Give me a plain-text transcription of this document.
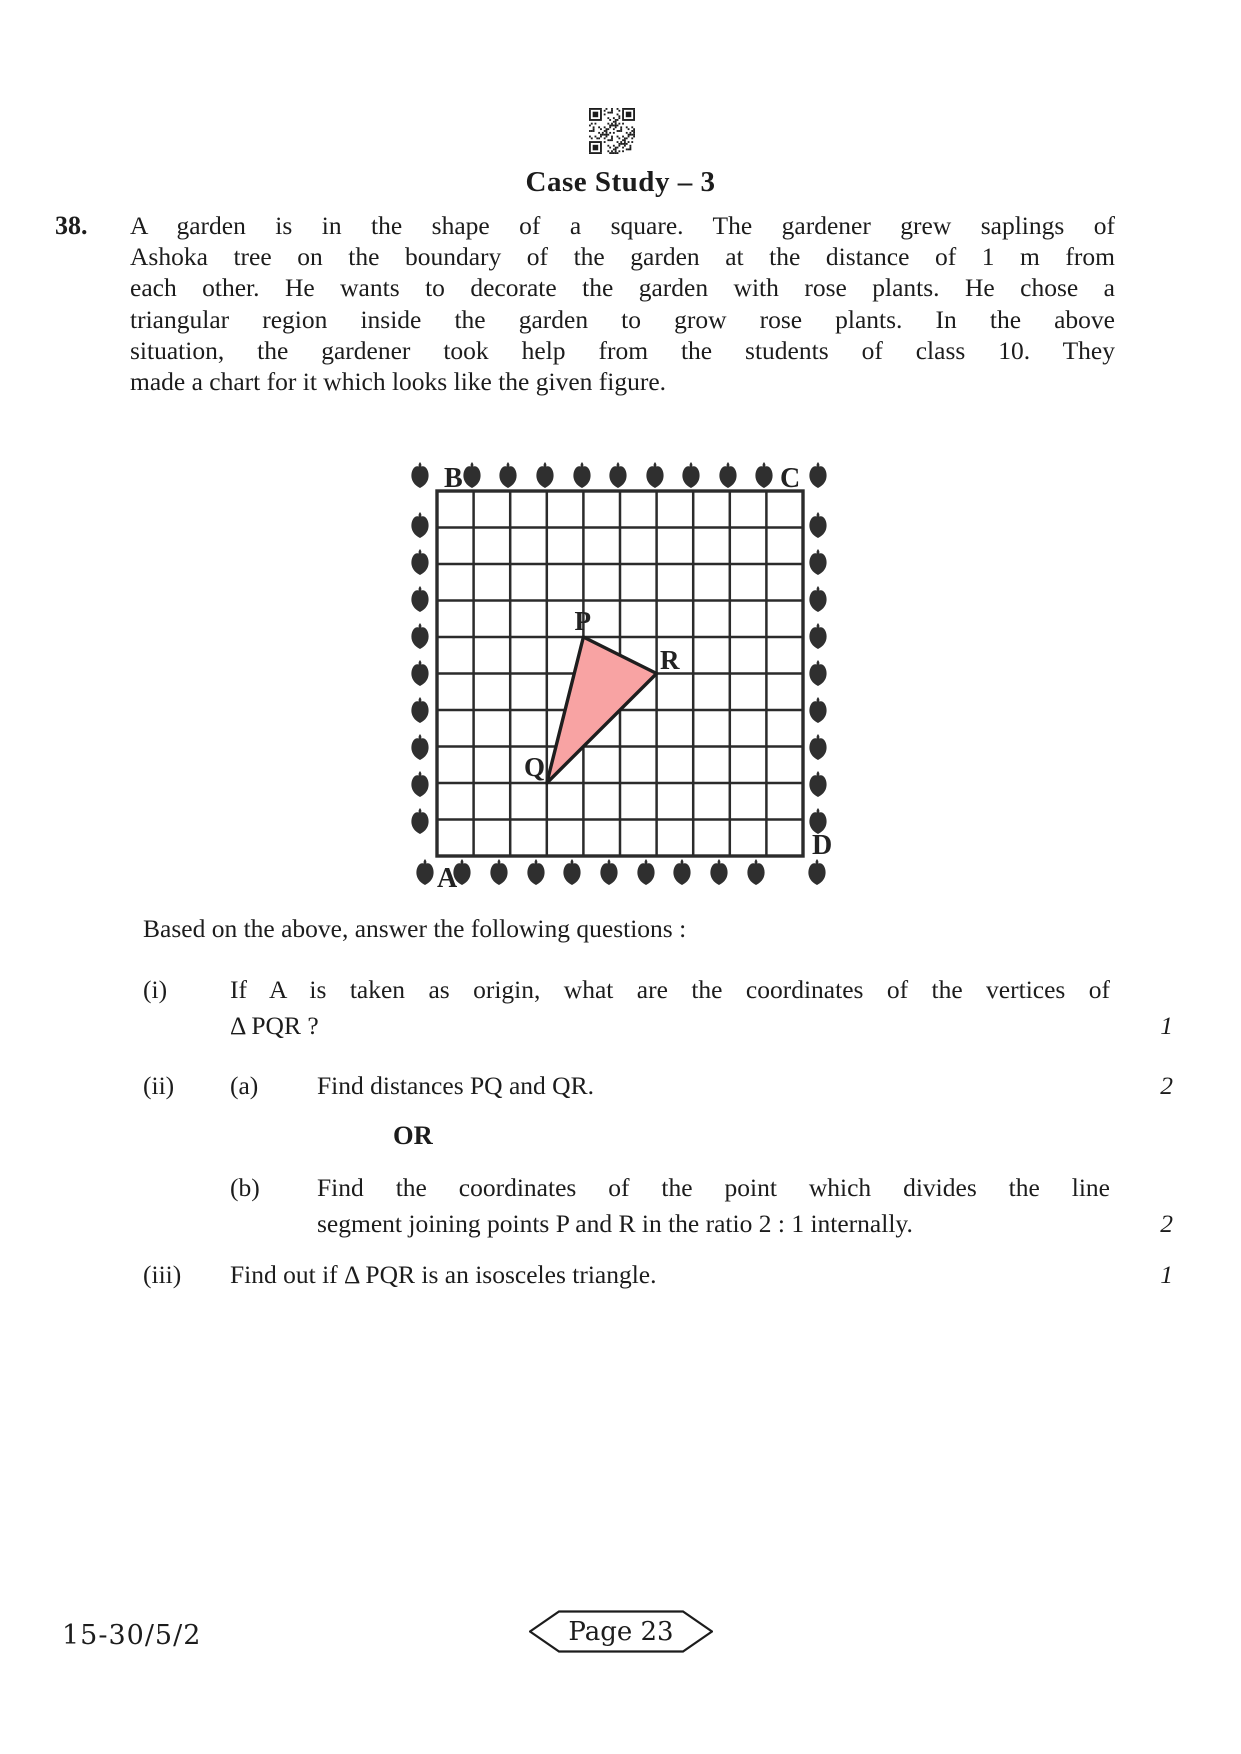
Case Study – 3
38.	A garden is in the shape of a square. The gardener grew saplings of
Ashoka tree on the boundary of the garden at the distance of 1 m from
each other. He wants to decorate the garden with rose plants. He chose a
triangular region inside the garden to grow rose plants. In the above
situation, the gardener took help from the students of class 10. They
made a chart for it which looks like the given figure.
B	C
A
D
P
Q
R
Based on the above, answer the following questions :
(i)	If A is taken as origin, what are the coordinates of the vertices of
Δ PQR ?	1
(ii)	(a)	Find distances PQ and QR.	2
OR
(b)	Find the coordinates of the point which divides the line
segment joining points P and R in the ratio 2 : 1 internally.	2
(iii)	Find out if Δ PQR is an isosceles triangle.	1
15-30/5/2	Page 23
